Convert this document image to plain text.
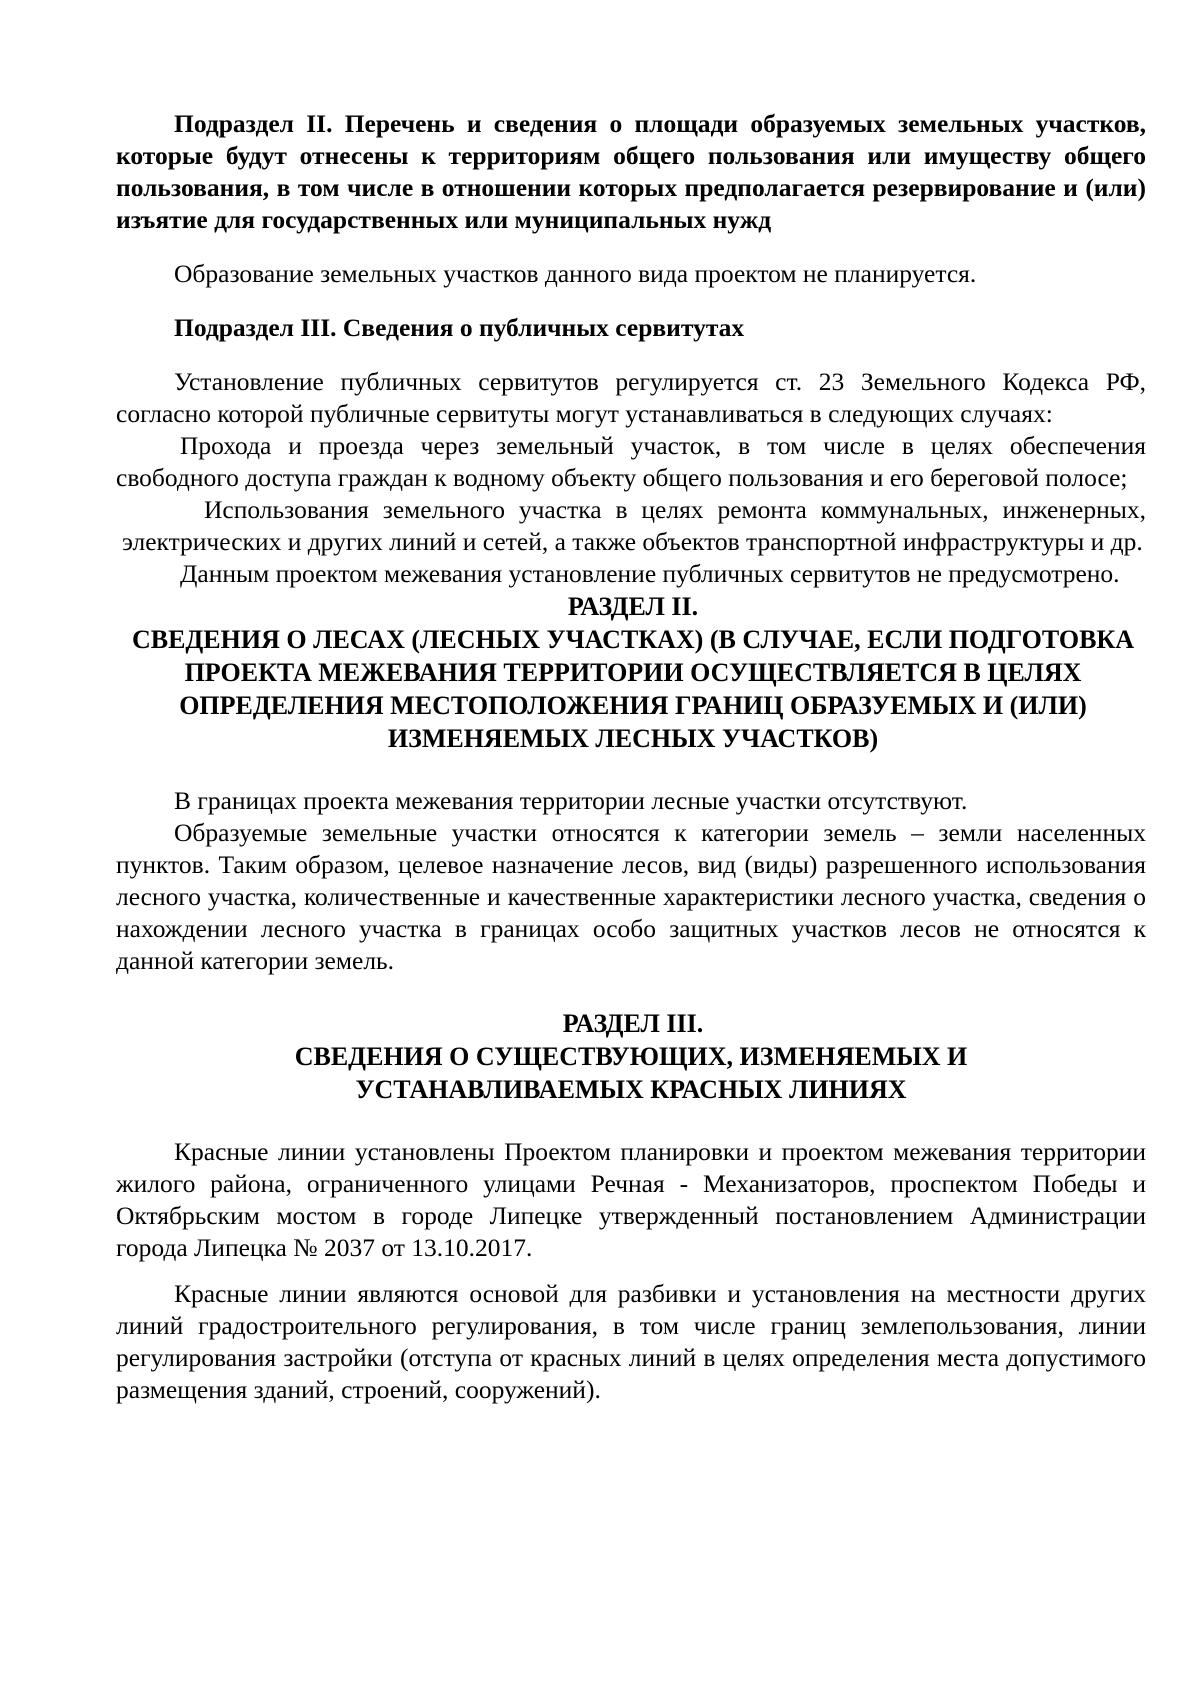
Подраздел II. Перечень и сведения о площади образуемых земельных участков, которые будут отнесены к территориям общего пользования или имуществу общего пользования, в том числе в отношении которых предполагается резервирование и (или) изъятие для государственных или муниципальных нужд

Образование земельных участков данного вида проектом не планируется.

Подраздел III. Сведения о публичных сервитутах

Установление публичных сервитутов регулируется ст. 23 Земельного Кодекса РФ, согласно которой публичные сервитуты могут устанавливаться в следующих случаях:

Прохода и проезда через земельный участок, в том числе в целях обеспечения свободного доступа граждан к водному объекту общего пользования и его береговой полосе;

Использования земельного участка в целях ремонта коммунальных, инженерных, электрических и других линий и сетей, а также объектов транспортной инфраструктуры и др.

Данным проектом межевания установление публичных сервитутов не предусмотрено.

РАЗДЕЛ II.

СВЕДЕНИЯ О ЛЕСАХ (ЛЕСНЫХ УЧАСТКАХ) (В СЛУЧАЕ, ЕСЛИ ПОДГОТОВКА ПРОЕКТА МЕЖЕВАНИЯ ТЕРРИТОРИИ ОСУЩЕСТВЛЯЕТСЯ В ЦЕЛЯХ ОПРЕДЕЛЕНИЯ МЕСТОПОЛОЖЕНИЯ ГРАНИЦ ОБРАЗУЕМЫХ И (ИЛИ) ИЗМЕНЯЕМЫХ ЛЕСНЫХ УЧАСТКОВ)

В границах проекта межевания территории лесные участки отсутствуют.

Образуемые земельные участки относятся к категории земель – земли населенных пунктов. Таким образом, целевое назначение лесов, вид (виды) разрешенного использования лесного участка, количественные и качественные характеристики лесного участка, сведения о нахождении лесного участка в границах особо защитных участков лесов не относятся к данной категории земель.

РАЗДЕЛ III.

СВЕДЕНИЯ О СУЩЕСТВУЮЩИХ, ИЗМЕНЯЕМЫХ И УСТАНАВЛИВАЕМЫХ КРАСНЫХ ЛИНИЯХ

Красные линии установлены Проектом планировки и проектом межевания территории жилого района, ограниченного улицами Речная - Механизаторов, проспектом Победы и Октябрьским мостом в городе Липецке утвержденный постановлением Администрации города Липецка № 2037 от 13.10.2017.

Красные линии являются основой для разбивки и установления на местности других линий градостроительного регулирования, в том числе границ землепользования, линии регулирования застройки (отступа от красных линий в целях определения места допустимого размещения зданий, строений, сооружений).
